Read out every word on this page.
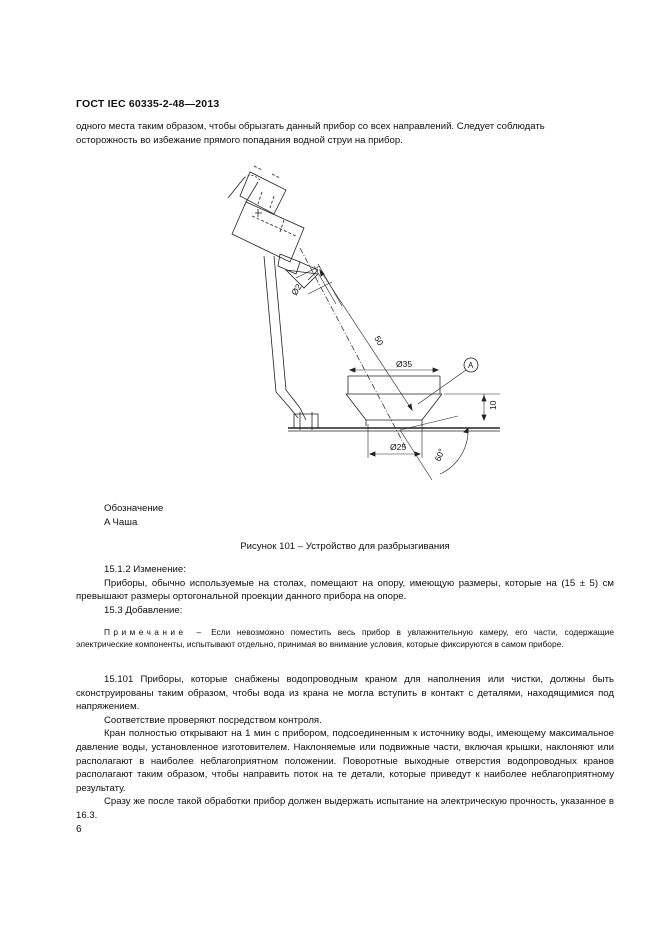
ГОСТ IEC 60335-2-48—2013
одного места таким образом, чтобы обрызгать данный прибор со всех направлений. Следует соблюдать
осторожность во избежание прямого попадания водной струи на прибор.
Ø2
50
Ø35
Ø25
10
60°
A
Обозначение
A Чаша
Рисунок 101 – Устройство для разбрызгивания

15.1.2 Изменение:

Приборы, обычно используемые на столах, помещают на опору, имеющую размеры, которые на (15 ± 5) см превышают размеры ортогональной проекции данного прибора на опоре.

15.3 Добавление:

Примечание – Если невозможно поместить весь прибор в увлажнительную камеру, его части, содержащие электрические компоненты, испытывают отдельно, принимая во внимание условия, которые фиксируются в самом приборе.

15.101 Приборы, которые снабжены водопроводным краном для наполнения или чистки, должны быть сконструированы таким образом, чтобы вода из крана не могла вступить в контакт с деталями, находящимися под напряжением.

Соответствие проверяют посредством контроля.

Кран полностью открывают на 1 мин с прибором, подсоединенным к источнику воды, имеющему максимальное давление воды, установленное изготовителем. Наклоняемые или подвижные части, включая крышки, наклоняют или располагают в наиболее неблагоприятном положении. Поворотные выходные отверстия водопроводных кранов располагают таким образом, чтобы направить поток на те детали, которые приведут к наиболее неблагоприятному результату.

Сразу же после такой обработки прибор должен выдержать испытание на электрическую прочность, указанное в 16.3.

6
